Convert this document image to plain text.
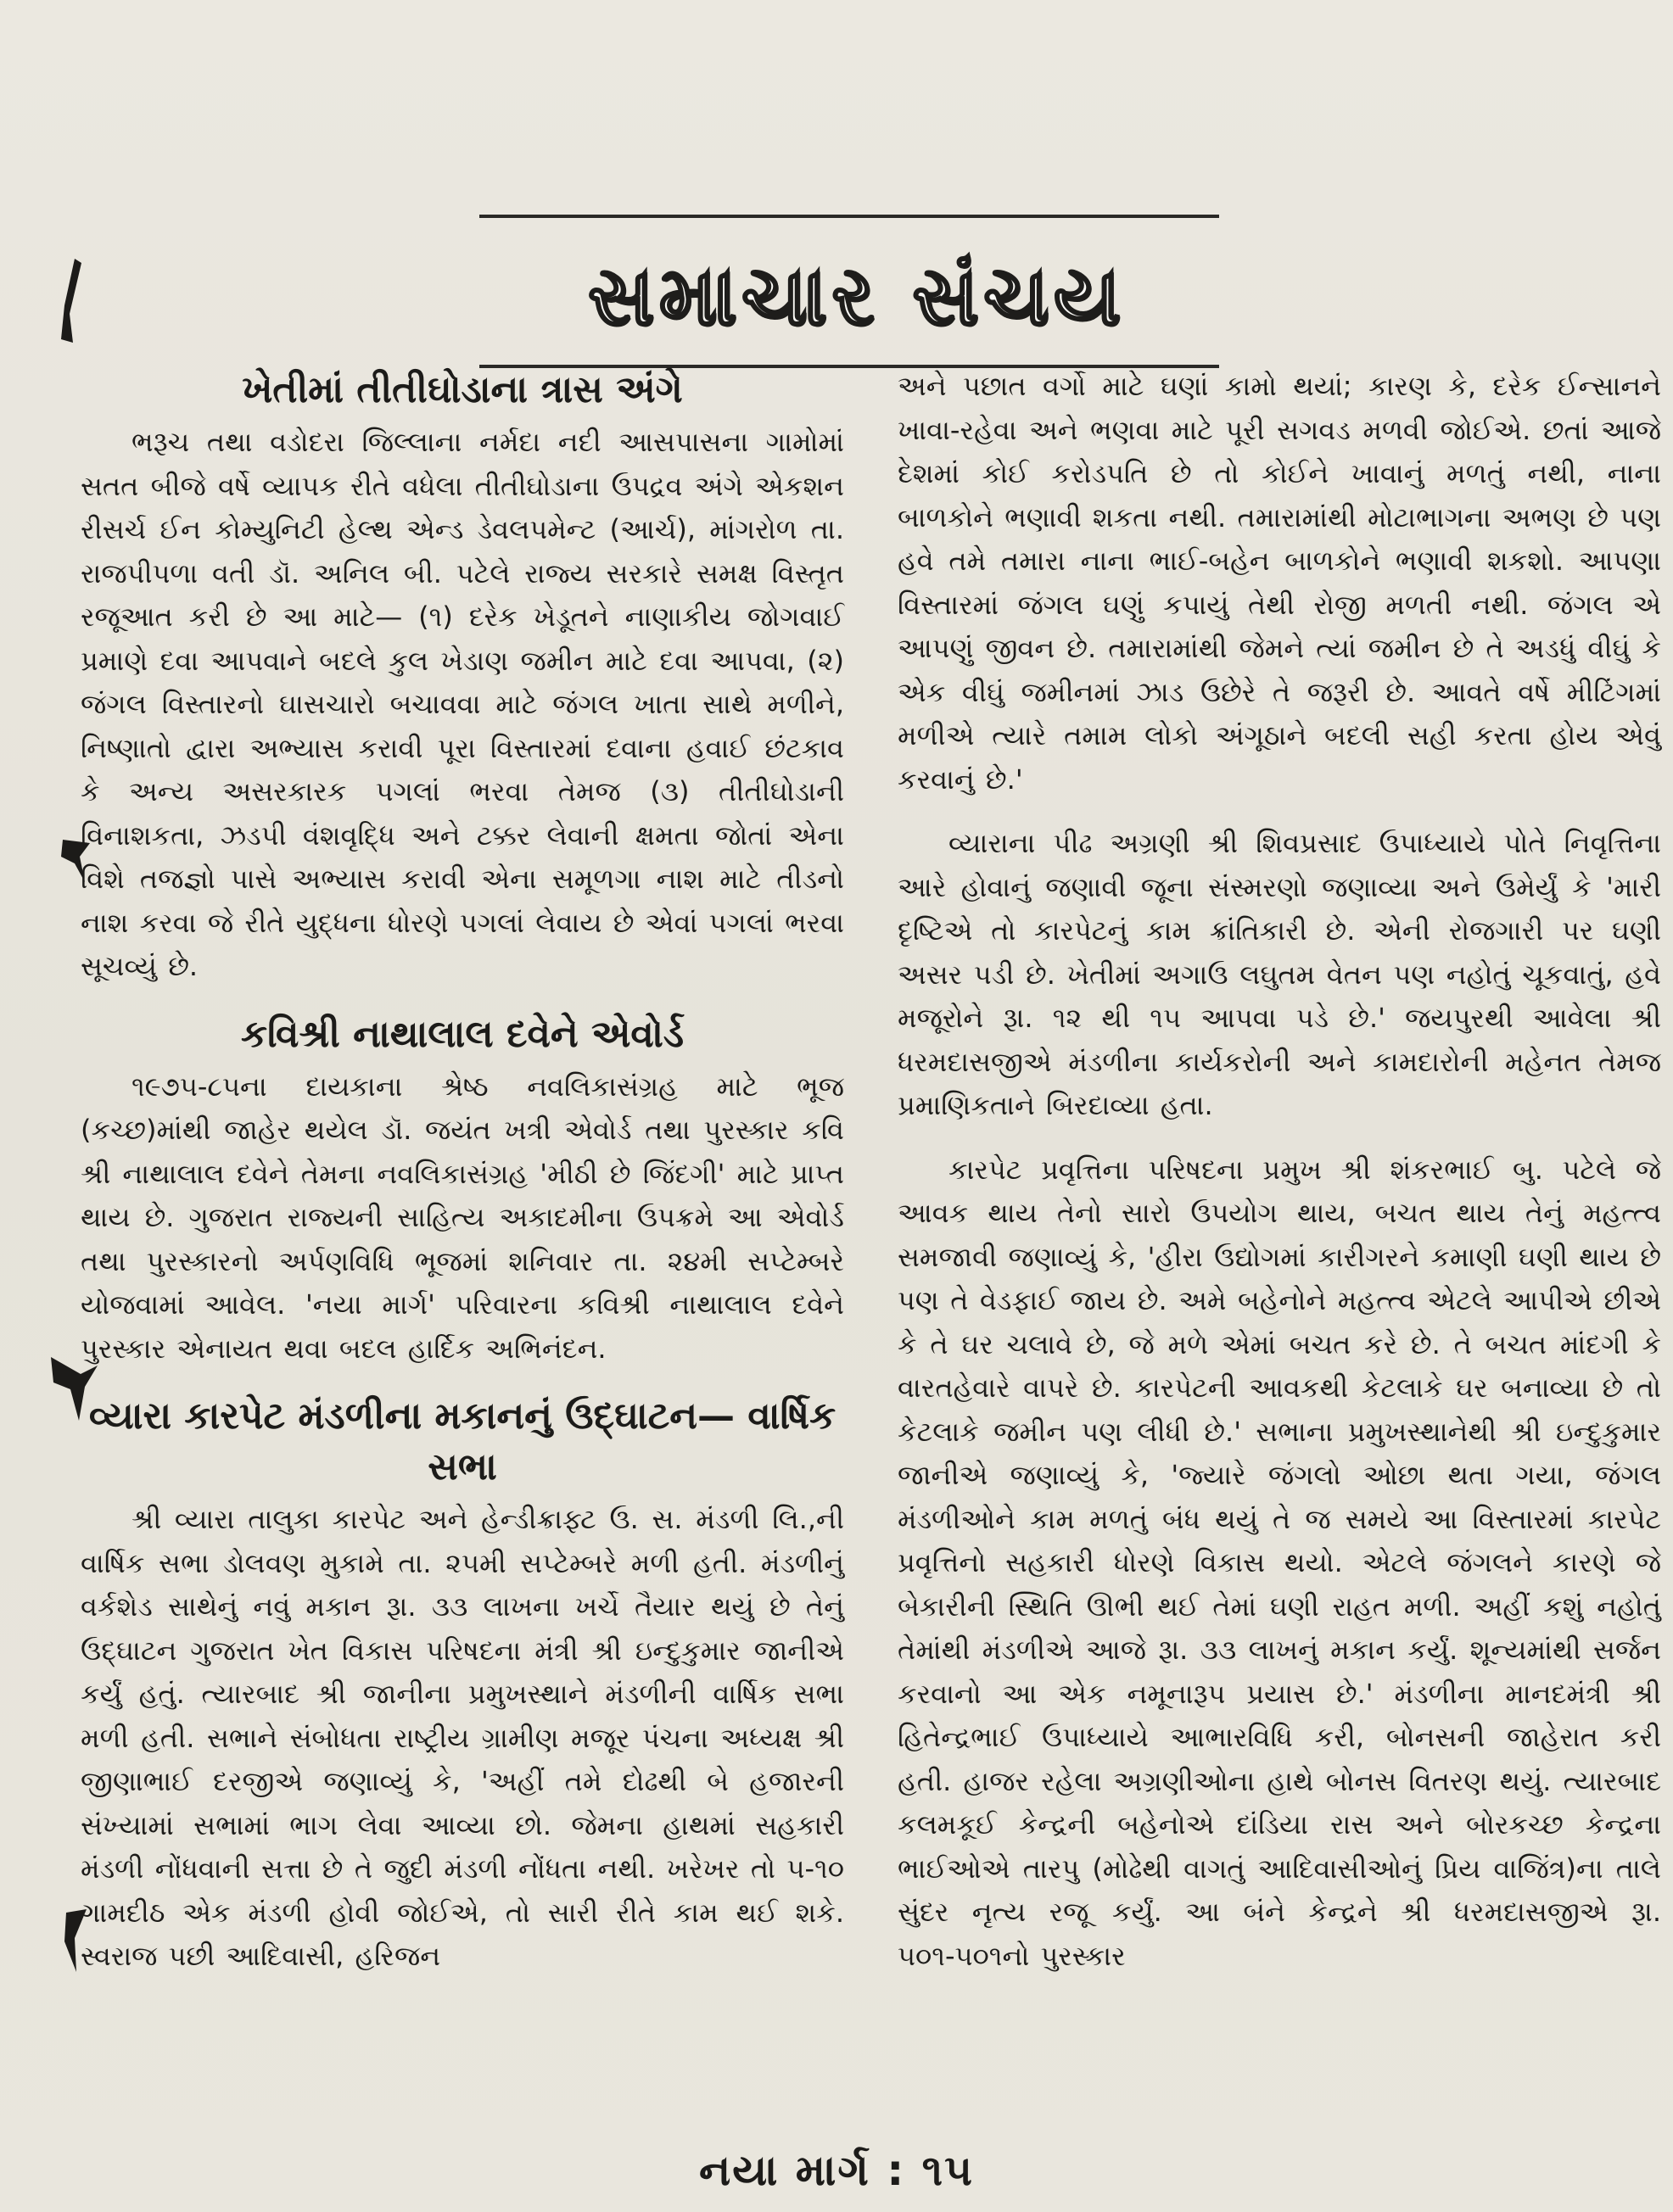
સમાચાર સંચય
ખેતીમાં તીતીઘોડાના ત્રાસ અંગે

ભરૂચ તથા વડોદરા જિલ્લાના નર્મદા નદી આસપાસના ગામોમાં સતત બીજે વર્ષે વ્યાપક રીતે વધેલા તીતીઘોડાના ઉપદ્રવ અંગે એકશન રીસર્ચ ઈન કોમ્યુનિટી હેલ્થ એન્ડ ડેવલપમેન્ટ (આર્ચ), માંગરોળ તા. રાજપીપળા વતી ડૉ. અનિલ બી. પટેલે રાજ્ય સરકારે સમક્ષ વિસ્તૃત રજૂઆત કરી છે આ માટે— (૧) દરેક ખેડૂતને નાણાકીય જોગવાઈ પ્રમાણે દવા આપવાને બદલે કુલ ખેડાણ જમીન માટે દવા આપવા, (૨) જંગલ વિસ્તારનો ઘાસચારો બચાવવા માટે જંગલ ખાતા સાથે મળીને, નિષ્ણાતો દ્વારા અભ્યાસ કરાવી પૂરા વિસ્તારમાં દવાના હવાઈ છંટકાવ કે અન્ય અસરકારક પગલાં ભરવા તેમજ (૩) તીતીઘોડાની વિનાશકતા, ઝડપી વંશવૃદ્ધિ અને ટક્કર લેવાની ક્ષમતા જોતાં એના વિશે તજજ્ઞો પાસે અભ્યાસ કરાવી એના સમૂળગા નાશ માટે તીડનો નાશ કરવા જે રીતે યુદ્ધના ધોરણે પગલાં લેવાય છે એવાં પગલાં ભરવા સૂચવ્યું છે.

કવિશ્રી નાથાલાલ દવેને એવોર્ડ

૧૯૭૫-૮૫ના દાયકાના શ્રેષ્ઠ નવલિકાસંગ્રહ માટે ભૂજ (કચ્છ)માંથી જાહેર થયેલ ડૉ. જયંત ખત્રી એવોર્ડ તથા પુરસ્કાર કવિ શ્રી નાથાલાલ દવેને તેમના નવલિકાસંગ્રહ 'મીઠી છે જિંદગી' માટે પ્રાપ્ત થાય છે. ગુજરાત રાજ્યની સાહિત્ય અકાદમીના ઉપક્રમે આ એવોર્ડ તથા પુરસ્કારનો અર્પણવિધિ ભૂજમાં શનિવાર તા. ૨૪મી સપ્ટેમ્બરે યોજવામાં આવેલ. 'નયા માર્ગ' પરિવારના કવિશ્રી નાથાલાલ દવેને પુરસ્કાર એનાયત થવા બદલ હાર્દિક અભિનંદન.

વ્યારા કારપેટ મંડળીના મકાનનું ઉદ્‌ઘાટન— વાર્ષિક સભા

શ્રી વ્યારા તાલુકા કારપેટ અને હેન્ડીક્રાફ્ટ ઉ. સ. મંડળી લિ.,ની વાર્ષિક સભા ડોલવણ મુકામે તા. ૨૫મી સપ્ટેમ્બરે મળી હતી. મંડળીનું વર્કશેડ સાથેનું નવું મકાન રૂા. ૩૩ લાખના ખર્ચે તૈયાર થયું છે તેનું ઉદ્‌ઘાટન ગુજરાત ખેત વિકાસ પરિષદના મંત્રી શ્રી ઇન્દુકુમાર જાનીએ કર્યું હતું. ત્યારબાદ શ્રી જાનીના પ્રમુખસ્થાને મંડળીની વાર્ષિક સભા મળી હતી. સભાને સંબોધતા રાષ્ટ્રીય ગ્રામીણ મજૂર પંચના અધ્યક્ષ શ્રી જીણાભાઈ દરજીએ જણાવ્યું કે, 'અહીં તમે દોઢથી બે હજારની સંખ્યામાં સભામાં ભાગ લેવા આવ્યા છો. જેમના હાથમાં સહકારી મંડળી નોંધવાની સત્તા છે તે જુદી મંડળી નોંધતા નથી. ખરેખર તો ૫-૧૦ ગામદીઠ એક મંડળી હોવી જોઈએ, તો સારી રીતે કામ થઈ શકે. સ્વરાજ પછી આદિવાસી, હરિજન

અને પછાત વર્ગો માટે ઘણાં કામો થયાં; કારણ કે, દરેક ઈન્સાનને ખાવા-રહેવા અને ભણવા માટે પૂરી સગવડ મળવી જોઈએ. છતાં આજે દેશમાં કોઈ કરોડપતિ છે તો કોઈને ખાવાનું મળતું નથી, નાના બાળકોને ભણાવી શકતા નથી. તમારામાંથી મોટાભાગના અભણ છે પણ હવે તમે તમારા નાના ભાઈ-બહેન બાળકોને ભણાવી શકશો. આપણા વિસ્તારમાં જંગલ ઘણું કપાયું તેથી રોજી મળતી નથી. જંગલ એ આપણું જીવન છે. તમારામાંથી જેમને ત્યાં જમીન છે તે અડધું વીઘું કે એક વીઘું જમીનમાં ઝાડ ઉછેરે તે જરૂરી છે. આવતે વર્ષે મીટિંગમાં મળીએ ત્યારે તમામ લોકો અંગૂઠાને બદલી સહી કરતા હોય એવું કરવાનું છે.'

વ્યારાના પીઢ અગ્રણી શ્રી શિવપ્રસાદ ઉપાધ્યાયે પોતે નિવૃત્તિના આરે હોવાનું જણાવી જૂના સંસ્મરણો જણાવ્યા અને ઉમેર્યું કે 'મારી દૃષ્ટિએ તો કારપેટનું કામ ક્રાંતિકારી છે. એની રોજગારી પર ઘણી અસર પડી છે. ખેતીમાં અગાઉ લઘુતમ વેતન પણ નહોતું ચૂકવાતું, હવે મજૂરોને રૂા. ૧૨ થી ૧૫ આપવા પડે છે.' જયપુરથી આવેલા શ્રી ધરમદાસજીએ મંડળીના કાર્યકરોની અને કામદારોની મહેનત તેમજ પ્રમાણિકતાને બિરદાવ્યા હતા.

કારપેટ પ્રવૃત્તિના પરિષદના પ્રમુખ શ્રી શંકરભાઈ બુ. પટેલે જે આવક થાય તેનો સારો ઉપયોગ થાય, બચત થાય તેનું મહત્ત્વ સમજાવી જણાવ્યું કે, 'હીરા ઉદ્યોગમાં કારીગરને કમાણી ઘણી થાય છે પણ તે વેડફાઈ જાય છે. અમે બહેનોને મહત્ત્વ એટલે આપીએ છીએ કે તે ઘર ચલાવે છે, જે મળે એમાં બચત કરે છે. તે બચત માંદગી કે વારતહેવારે વાપરે છે. કારપેટની આવકથી કેટલાકે ઘર બનાવ્યા છે તો કેટલાકે જમીન પણ લીધી છે.' સભાના પ્રમુખસ્થાનેથી શ્રી ઇન્દુકુમાર જાનીએ જણાવ્યું કે, 'જ્યારે જંગલો ઓછા થતા ગયા, જંગલ મંડળીઓને કામ મળતું બંધ થયું તે જ સમયે આ વિસ્તારમાં કારપેટ પ્રવૃત્તિનો સહકારી ધોરણે વિકાસ થયો. એટલે જંગલને કારણે જે બેકારીની સ્થિતિ ઊભી થઈ તેમાં ઘણી રાહત મળી. અહીં કશું નહોતું તેમાંથી મંડળીએ આજે રૂા. ૩૩ લાખનું મકાન કર્યું. શૂન્યમાંથી સર્જન કરવાનો આ એક નમૂનારૂપ પ્રયાસ છે.' મંડળીના માનદમંત્રી શ્રી હિતેન્દ્રભાઈ ઉપાધ્યાયે આભારવિધિ કરી, બોનસની જાહેરાત કરી હતી. હાજર રહેલા અગ્રણીઓના હાથે બોનસ વિતરણ થયું. ત્યારબાદ કલમકૂઈ કેન્દ્રની બહેનોએ દાંડિયા રાસ અને બોરકચ્છ કેન્દ્રના ભાઈઓએ તારપુ (મોઢેથી વાગતું આદિવાસીઓનું પ્રિય વાજિંત્ર)ના તાલે સુંદર નૃત્ય રજૂ કર્યું. આ બંને કેન્દ્રને શ્રી ધરમદાસજીએ રૂા. ૫૦૧-૫૦૧નો પુરસ્કાર

નયા માર્ગ : ૧૫
